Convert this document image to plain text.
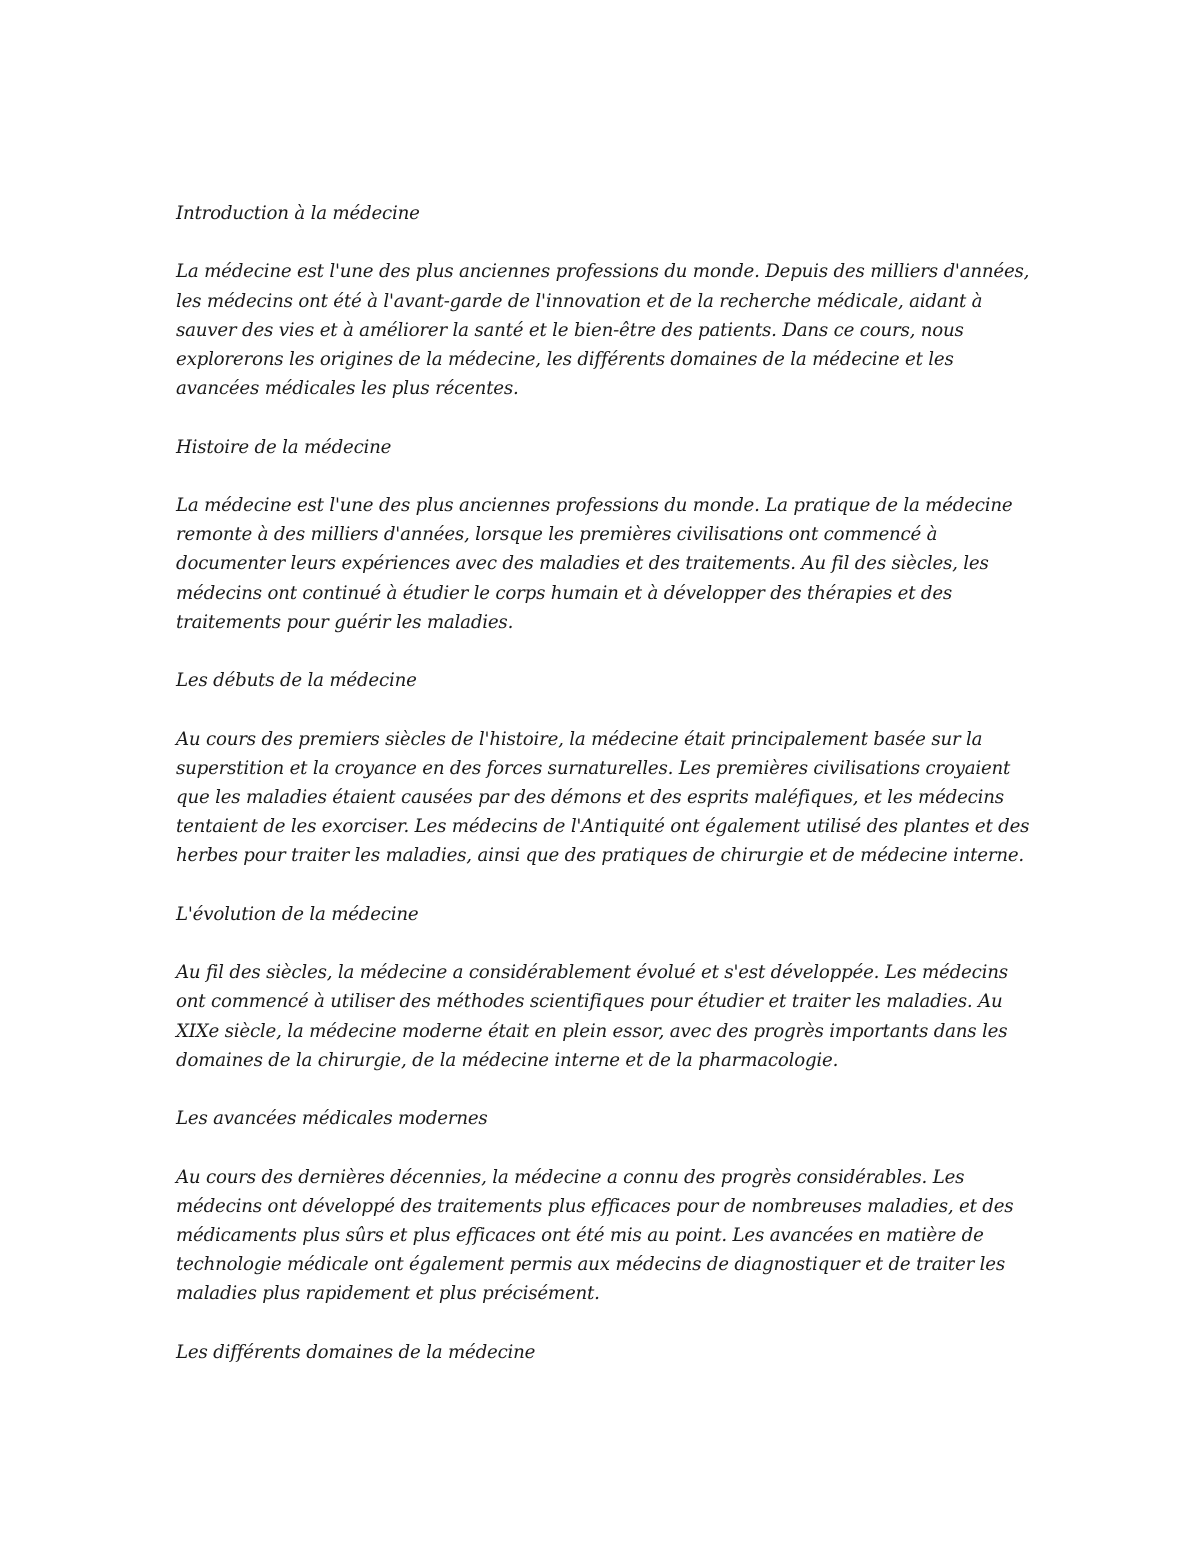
Introduction à la médecine
La médecine est l'une des plus anciennes professions du monde. Depuis des milliers d'années, les médecins ont été à l'avant-garde de l'innovation et de la recherche médicale, aidant à sauver des vies et à améliorer la santé et le bien-être des patients. Dans ce cours, nous explorerons les origines de la médecine, les différents domaines de la médecine et les avancées médicales les plus récentes.
Histoire de la médecine
La médecine est l'une des plus anciennes professions du monde. La pratique de la médecine remonte à des milliers d'années, lorsque les premières civilisations ont commencé à documenter leurs expériences avec des maladies et des traitements. Au fil des siècles, les médecins ont continué à étudier le corps humain et à développer des thérapies et des traitements pour guérir les maladies.
Les débuts de la médecine
Au cours des premiers siècles de l'histoire, la médecine était principalement basée sur la superstition et la croyance en des forces surnaturelles. Les premières civilisations croyaient que les maladies étaient causées par des démons et des esprits maléfiques, et les médecins tentaient de les exorciser. Les médecins de l'Antiquité ont également utilisé des plantes et des herbes pour traiter les maladies, ainsi que des pratiques de chirurgie et de médecine interne.
L'évolution de la médecine
Au fil des siècles, la médecine a considérablement évolué et s'est développée. Les médecins ont commencé à utiliser des méthodes scientifiques pour étudier et traiter les maladies. Au XIXe siècle, la médecine moderne était en plein essor, avec des progrès importants dans les domaines de la chirurgie, de la médecine interne et de la pharmacologie.
Les avancées médicales modernes
Au cours des dernières décennies, la médecine a connu des progrès considérables. Les médecins ont développé des traitements plus efficaces pour de nombreuses maladies, et des médicaments plus sûrs et plus efficaces ont été mis au point. Les avancées en matière de technologie médicale ont également permis aux médecins de diagnostiquer et de traiter les maladies plus rapidement et plus précisément.
Les différents domaines de la médecine
